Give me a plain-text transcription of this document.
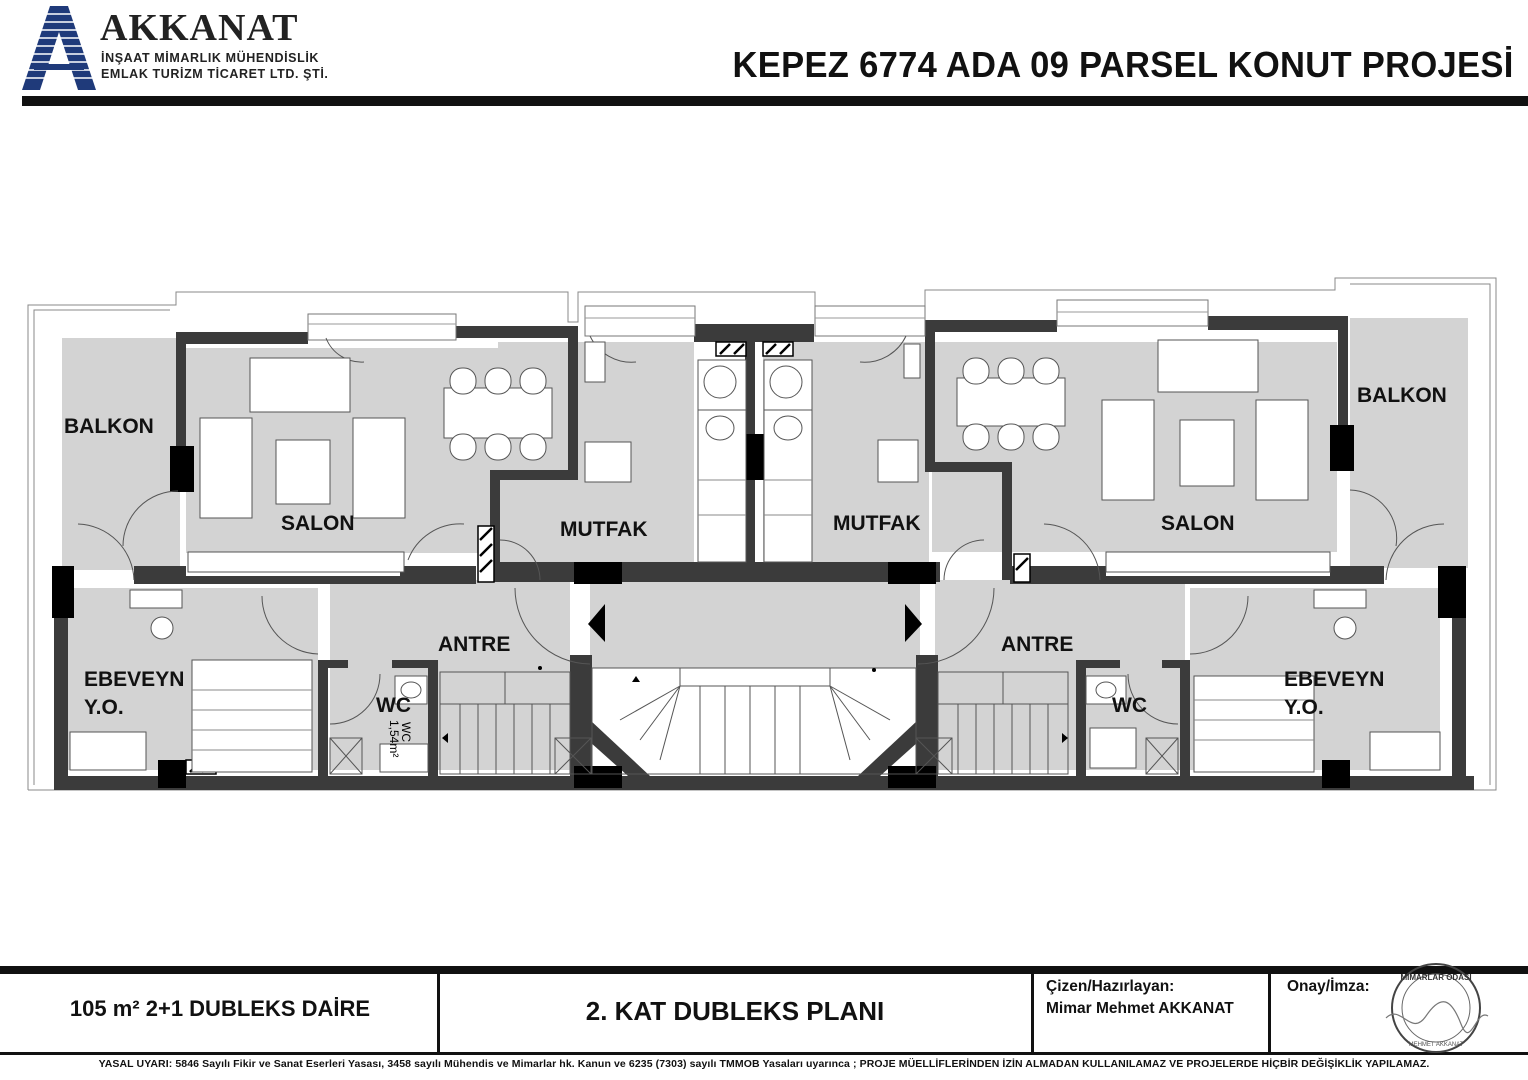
AKKANAT
İNŞAAT MİMARLIK MÜHENDİSLİK
EMLAK TURİZM TİCARET LTD. ŞTİ.	KEPEZ 6774 ADA 09 PARSEL KONUT PROJESİ
BALKON
SALON	MUTFAK	MUTFAK	SALON
BALKON
ANTRE	ANTRE
EBEVEYN
Y.O.
EBEVEYN
Y.O.
WC	WC
WC
1,54m²
105 m² 2+1 DUBLEKS DAİRE	2. KAT DUBLEKS PLANI
Çizen/Hazırlayan:
Mimar Mehmet AKKANAT
Onay/İmza:
MİMARLAR ODASI
MEHMET AKKANAT
YASAL UYARI: 5846 Sayılı Fikir ve Sanat Eserleri Yasası, 3458 sayılı Mühendis ve Mimarlar hk. Kanun ve 6235 (7303) sayılı TMMOB Yasaları uyarınca ; PROJE MÜELLİFLERİNDEN İZİN ALMADAN KULLANILAMAZ VE PROJELERDE HİÇBİR DEĞİŞİKLİK YAPILAMAZ.
